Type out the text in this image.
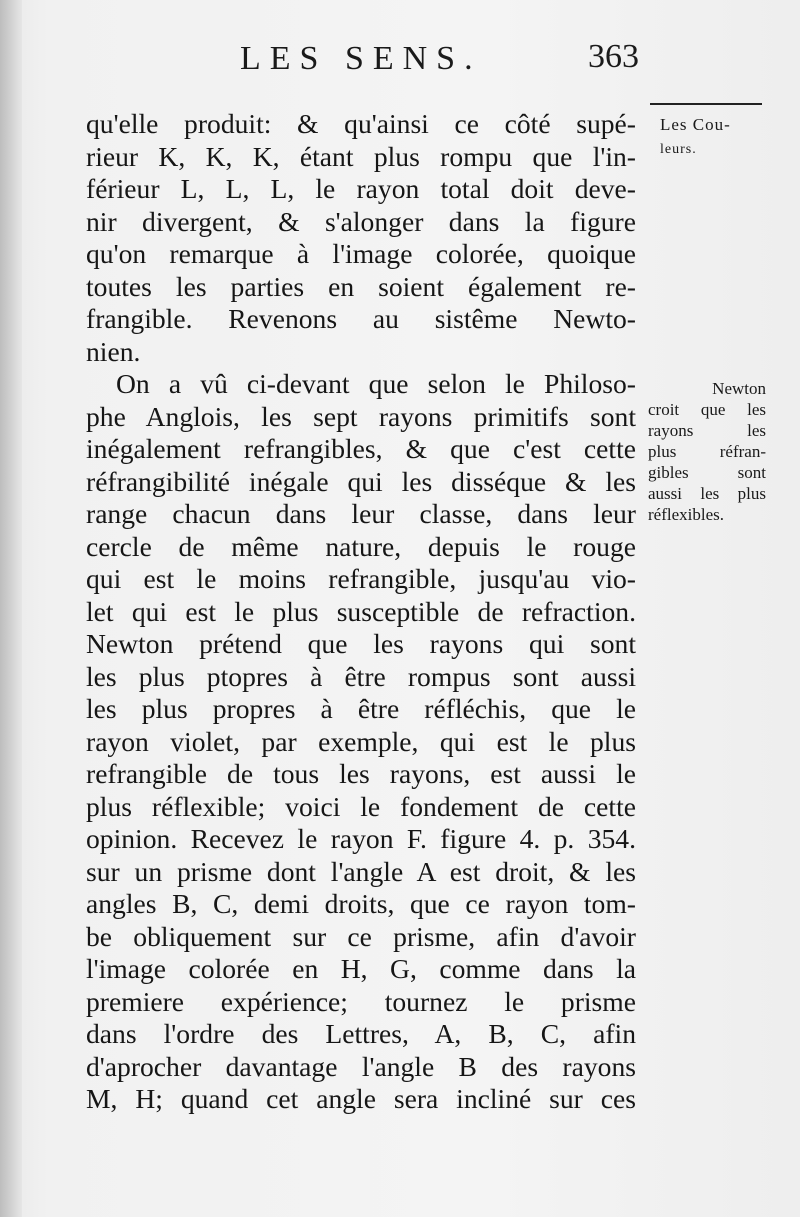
LES SENS.	363
Les Cou-
leurs.
Newton
croit que les
rayons les
plus réfran-
gibles sont
aussi les plus
réflexibles.
qu'elle produit: & qu'ainsi ce côté supé-
rieur K, K, K, étant plus rompu que l'in-
férieur L, L, L, le rayon total doit deve-
nir divergent, & s'alonger dans la figure
qu'on remarque à l'image colorée, quoique
toutes les parties en soient également re-
frangible. Revenons au sistême Newto-
nien.
On a vû ci-devant que selon le Philoso-
phe Anglois, les sept rayons primitifs sont
inégalement refrangibles, & que c'est cette
réfrangibilité inégale qui les disséque & les
range chacun dans leur classe, dans leur
cercle de même nature, depuis le rouge
qui est le moins refrangible, jusqu'au vio-
let qui est le plus susceptible de refraction.
Newton prétend que les rayons qui sont
les plus ptopres à être rompus sont aussi
les plus propres à être réfléchis, que le
rayon violet, par exemple, qui est le plus
refrangible de tous les rayons, est aussi le
plus réflexible; voici le fondement de cette
opinion. Recevez le rayon F. figure 4. p. 354.
sur un prisme dont l'angle A est droit, & les
angles B, C, demi droits, que ce rayon tom-
be obliquement sur ce prisme, afin d'avoir
l'image colorée en H, G, comme dans la
premiere expérience; tournez le prisme
dans l'ordre des Lettres, A, B, C, afin
d'aprocher davantage l'angle B des rayons
M, H; quand cet angle sera incliné sur ces
